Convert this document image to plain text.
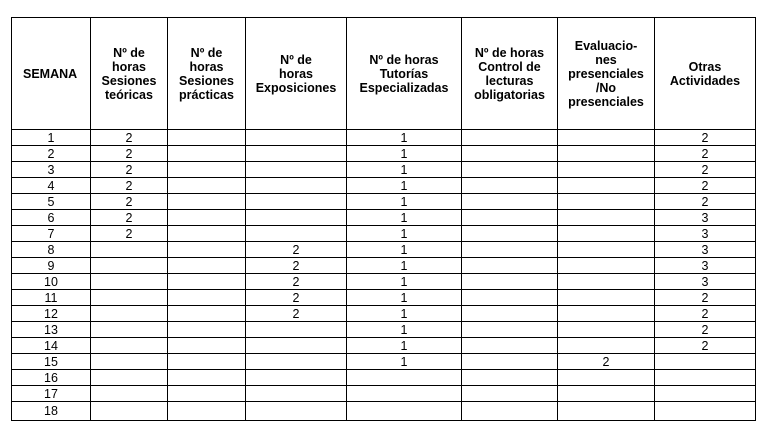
SEMANA	Nº de
horas
Sesiones
teóricas	Nº de
horas
Sesiones
prácticas	Nº de
horas
Exposiciones	Nº de horas
Tutorías
Especializadas	Nº de horas
Control de
lecturas
obligatorias	Evaluacio-
nes
presenciales
/No
presenciales	Otras
Actividades
1	2			1			2
2	2			1			2
3	2			1			2
4	2			1			2
5	2			1			2
6	2			1			3
7	2			1			3
8			2	1			3
9			2	1			3
10			2	1			3
11			2	1			2
12			2	1			2
13				1			2
14				1			2
15				1		2	
16							
17							
18							
